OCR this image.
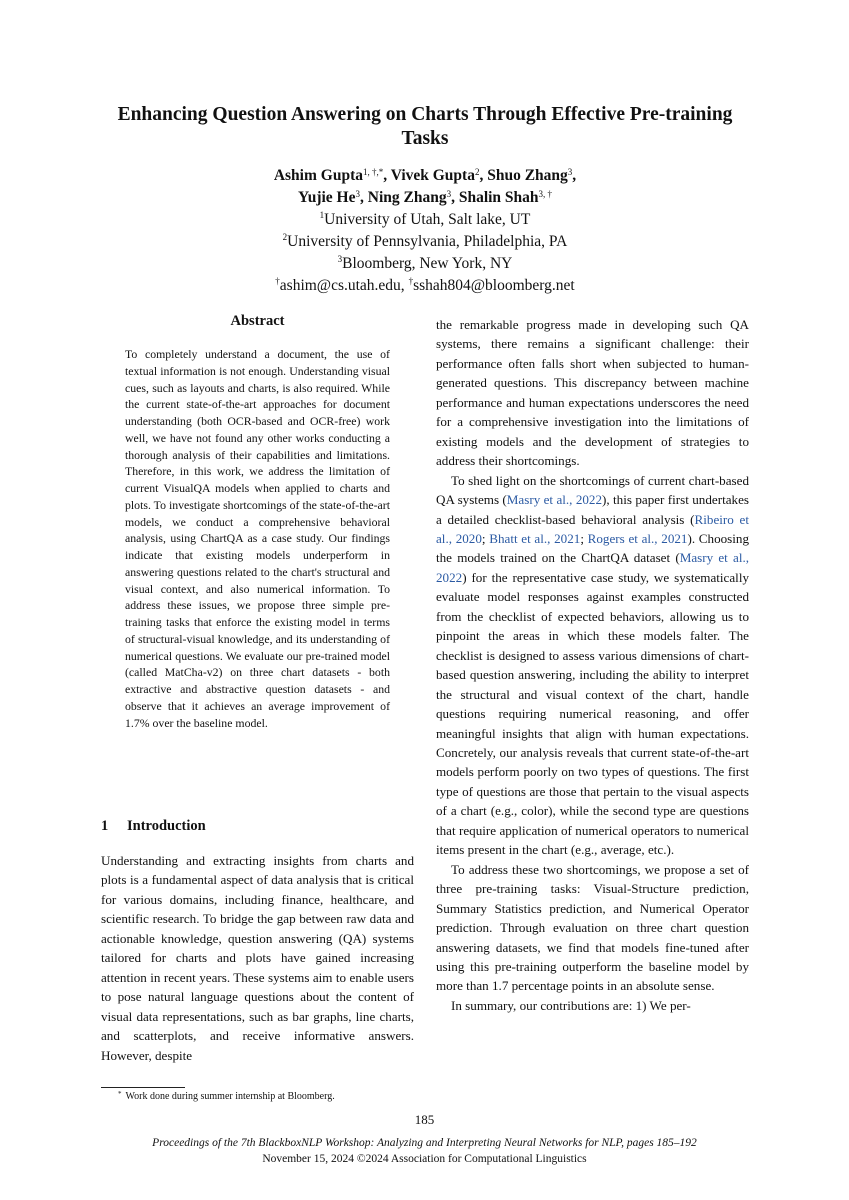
Enhancing Question Answering on Charts Through Effective Pre-training Tasks
Ashim Gupta$^{1, \dagger,*}$, Vivek Gupta$^2$, Shuo Zhang$^3$,
Yujie He$^3$, Ning Zhang$^3$, Shalin Shah$^{3, \dagger}$
$^1$University of Utah, Salt lake, UT
$^2$University of Pennsylvania, Philadelphia, PA
$^3$Bloomberg, New York, NY
†ashim@cs.utah.edu, †sshah804@bloomberg.net
Abstract

To completely understand a document, the use of textual information is not enough. Understanding visual cues, such as layouts and charts, is also required. While the current state-of-the-art approaches for document understanding (both OCR-based and OCR-free) work well, we have not found any other works conducting a thorough analysis of their capabilities and limitations. Therefore, in this work, we address the limitation of current VisualQA models when applied to charts and plots. To investigate shortcomings of the state-of-the-art models, we conduct a comprehensive behavioral analysis, using ChartQA as a case study. Our findings indicate that existing models underperform in answering questions related to the chart's structural and visual context, and also numerical information. To address these issues, we propose three simple pre-training tasks that enforce the existing model in terms of structural-visual knowledge, and its understanding of numerical questions. We evaluate our pre-trained model (called MatCha-v2) on three chart datasets - both extractive and abstractive question datasets - and observe that it achieves an average improvement of 1.7% over the baseline model.

1 Introduction

Understanding and extracting insights from charts and plots is a fundamental aspect of data analysis that is critical for various domains, including finance, healthcare, and scientific research. To bridge the gap between raw data and actionable knowledge, question answering (QA) systems tailored for charts and plots have gained increasing attention in recent years. These systems aim to enable users to pose natural language questions about the content of visual data representations, such as bar graphs, line charts, and scatterplots, and receive informative answers. However, despite

the remarkable progress made in developing such QA systems, there remains a significant challenge: their performance often falls short when subjected to human-generated questions. This discrepancy between machine performance and human expectations underscores the need for a comprehensive investigation into the limitations of existing models and the development of strategies to address their shortcomings.

To shed light on the shortcomings of current chart-based QA systems (Masry et al., 2022), this paper first undertakes a detailed checklist-based behavioral analysis (Ribeiro et al., 2020; Bhatt et al., 2021; Rogers et al., 2021). Choosing the models trained on the ChartQA dataset (Masry et al., 2022) for the representative case study, we systematically evaluate model responses against examples constructed from the checklist of expected behaviors, allowing us to pinpoint the areas in which these models falter. The checklist is designed to assess various dimensions of chart-based question answering, including the ability to interpret the structural and visual context of the chart, handle questions requiring numerical reasoning, and offer meaningful insights that align with human expectations. Concretely, our analysis reveals that current state-of-the-art models perform poorly on two types of questions. The first type of questions are those that pertain to the visual aspects of a chart (e.g., color), while the second type are questions that require application of numerical operators to numerical items present in the chart (e.g., average, etc.).

To address these two shortcomings, we propose a set of three pre-training tasks: Visual-Structure prediction, Summary Statistics prediction, and Numerical Operator prediction. Through evaluation on three chart question answering datasets, we find that models fine-tuned after using this pre-training outperform the baseline model by more than 1.7 percentage points in an absolute sense.

In summary, our contributions are: 1) We per-

* Work done during summer internship at Bloomberg.
185
Proceedings of the 7th BlackboxNLP Workshop: Analyzing and Interpreting Neural Networks for NLP, pages 185–192
November 15, 2024 ©2024 Association for Computational Linguistics
